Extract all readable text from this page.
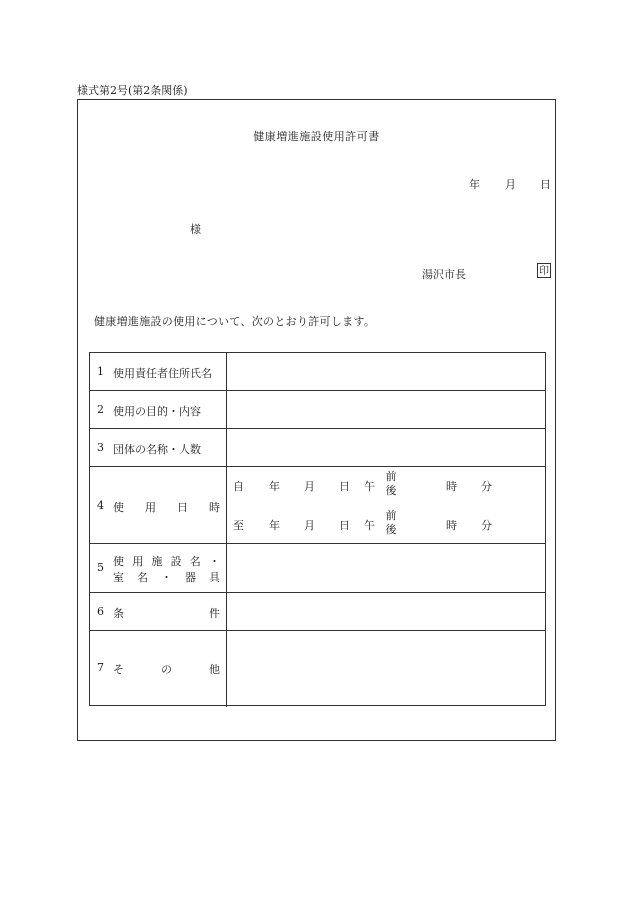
様式第2号(第2条関係)
健康増進施設使用許可書
年 月 日
様
湯沢市長	印
健康増進施設の使用について、次のとおり許可します。
1 使用責任者住所氏名
2 使用の目的・内容
3 団体の名称・人数
4 使 用 日 時
自 年 月 日 午
前
後	時 分
至 年 月 日 午
前
後	時 分
5 使 用 施 設 名 ・
室 名 ・ 器 具
6 条	件
7 そ	の	他
